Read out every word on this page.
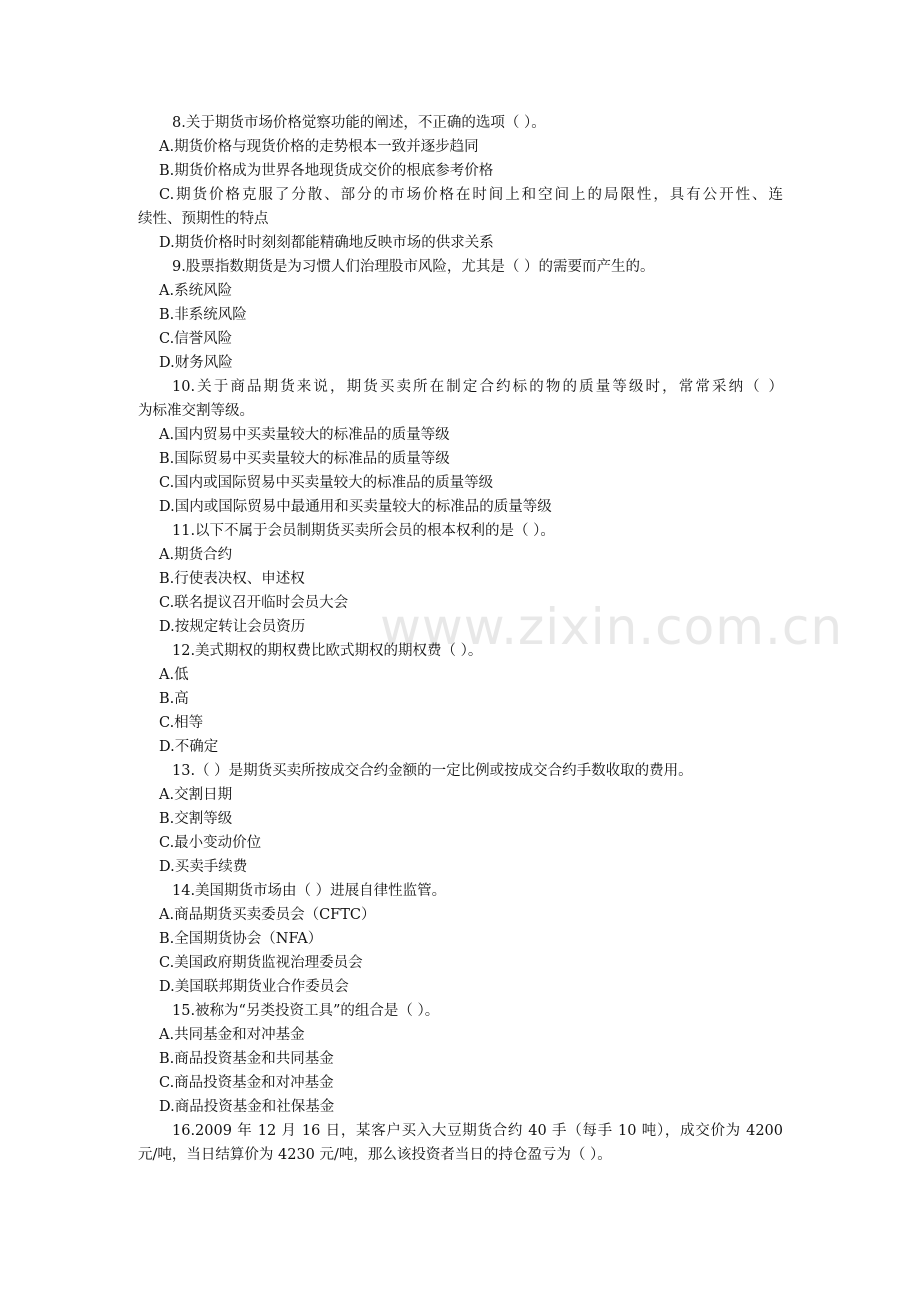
8.关于期货市场价格觉察功能的阐述，不正确的选项（ ）。
A.期货价格与现货价格的走势根本一致并逐步趋同
B.期货价格成为世界各地现货成交价的根底参考价格
C.期货价格克服了分散、部分的市场价格在时间上和空间上的局限性，具有公开性、连
续性、预期性的特点
D.期货价格时时刻刻都能精确地反映市场的供求关系
9.股票指数期货是为习惯人们治理股市风险，尤其是（ ）的需要而产生的。
A.系统风险
B.非系统风险
C.信誉风险
D.财务风险
10.关于商品期货来说，期货买卖所在制定合约标的物的质量等级时，常常采纳（ ）
为标准交割等级。
A.国内贸易中买卖量较大的标准品的质量等级
B.国际贸易中买卖量较大的标准品的质量等级
C.国内或国际贸易中买卖量较大的标准品的质量等级
D.国内或国际贸易中最通用和买卖量较大的标准品的质量等级
11.以下不属于会员制期货买卖所会员的根本权利的是（ ）。
A.期货合约
B.行使表决权、申述权
C.联名提议召开临时会员大会
D.按规定转让会员资历
12.美式期权的期权费比欧式期权的期权费（ ）。
A.低
B.高
C.相等
D.不确定
13.（ ）是期货买卖所按成交合约金额的一定比例或按成交合约手数收取的费用。
A.交割日期
B.交割等级
C.最小变动价位
D.买卖手续费
14.美国期货市场由（ ）进展自律性监管。
A.商品期货买卖委员会（CFTC）
B.全国期货协会（NFA）
C.美国政府期货监视治理委员会
D.美国联邦期货业合作委员会
15.被称为“另类投资工具”的组合是（ ）。
A.共同基金和对冲基金
B.商品投资基金和共同基金
C.商品投资基金和对冲基金
D.商品投资基金和社保基金
16.2009 年 12 月 16 日，某客户买入大豆期货合约 40 手（每手 10 吨），成交价为 4200
元/吨，当日结算价为 4230 元/吨，那么该投资者当日的持仓盈亏为（ ）。
www.zixin.com.cn
